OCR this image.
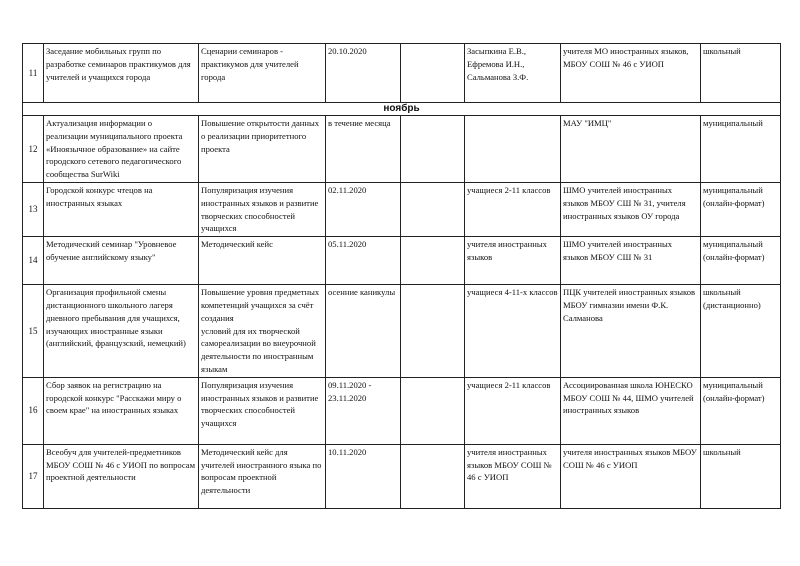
11	Заседание мобильных групп по разработке семинаров практикумов для учителей и учащихся города	Сценарии семинаров - практикумов для учителей города	20.10.2020		Засыпкина Е.В.,
Ефремова И.Н.,
Сальманова З.Ф.	учителя МО иностранных языков, МБОУ СОШ № 46 с УИОП	школьный
ноябрь							
12	Актуализация информации о реализации муниципального проекта «Иноязычное образование» на сайте городского сетевого педагогического сообщества SurWiki	Повышение открытости данных о реализации приоритетного проекта	в течение месяца			МАУ "ИМЦ"	муниципальный
13	Городской конкурс чтецов на иностранных языках	Популяризация изучения иностранных языков и развитие творческих способностей учащихся	02.11.2020		учащиеся 2-11 классов	ШМО учителей иностранных языков МБОУ СШ № 31, учителя иностранных языков ОУ города	муниципальный (онлайн-формат)
14	Методический семинар "Уровневое обучение английскому языку"	Методический кейс	05.11.2020		учителя иностранных языков	ШМО учителей иностранных языков МБОУ СШ № 31	муниципальный (онлайн-формат)
15	Организация профильной смены дистанционного школьного лагеря дневного пребывания для учащихся, изучающих иностранные языки (английский, французский, немецкий)	Повышение уровня предметных компетенций учащихся за счёт создания
условий для их творческой самореализации во внеурочной деятельности по иностранным языкам	осенние каникулы		учащиеся 4-11-х классов	ПЦК учителей иностранных языков МБОУ гимназии имени Ф.К. Салманова	школьный (дистанционно)
16	Сбор заявок на регистрацию на городской конкурс "Расскажи миру о своем крае" на иностранных языках	Популяризация изучения иностранных языков и развитие творческих способностей учащихся	09.11.2020 - 23.11.2020		учащиеся 2-11 классов	Ассоциированная школа ЮНЕСКО МБОУ СОШ № 44, ШМО учителей иностранных языков	муниципальный (онлайн-формат)
17	Всеобуч для учителей-предметников МБОУ СОШ № 46 с УИОП по вопросам проектной деятельности	Методический кейс для учителей иностранного языка по вопросам проектной деятельности	10.11.2020		учителя иностранных языков МБОУ СОШ № 46 с УИОП	учителя иностранных языков МБОУ СОШ № 46 с УИОП	школьный
